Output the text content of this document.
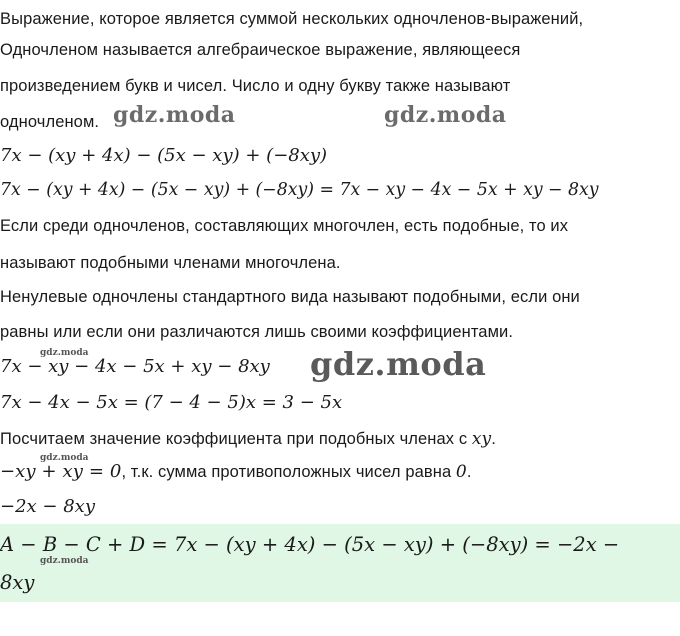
Выражение, которое является суммой нескольких одночленов-выражений,
Одночленом называется алгебраическое выражение, являющееся
произведением букв и чисел. Число и одну букву также называют
одночленом. gdz.moda	gdz.moda
7x − (xy + 4x) − (5x − xy) + (−8xy)
7x − (xy + 4x) − (5x − xy) + (−8xy) = 7x − xy − 4x − 5x + xy − 8xy
Если среди одночленов, составляющих многочлен, есть подобные, то их
называют подобными членами многочлена.
Ненулевые одночлены стандартного вида называют подобными, если они
равны или если они различаются лишь своими коэффициентами.
gdz.moda
7x − xy − 4x − 5x + xy − 8xy gdz.moda
7x − 4x − 5x = (7 − 4 − 5)x = 3 − 5x
Посчитаем значение коэффициента при подобных членах с xy.
gdz.moda
−xy + xy = 0, т.к. сумма противоположных чисел равна 0.
−2x − 8xy
A − B − C + D = 7x − (xy + 4x) − (5x − xy) + (−8xy) = −2x −
gdz.moda
8xy
